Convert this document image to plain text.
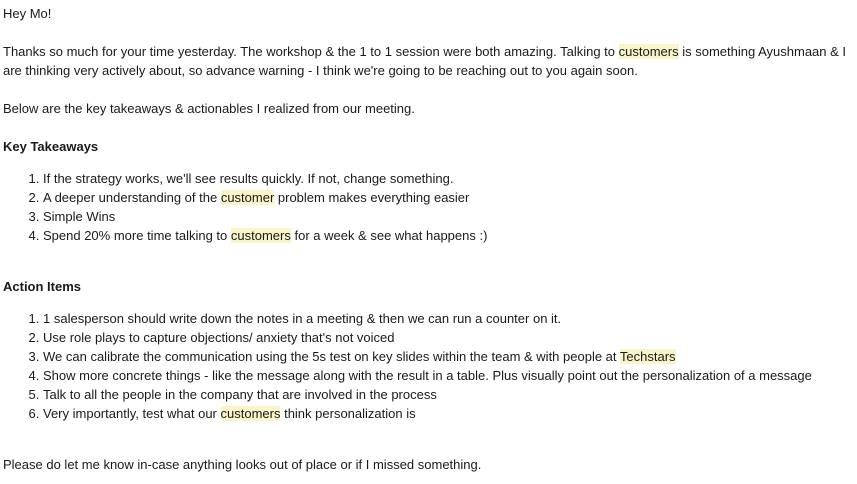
Hey Mo!

Thanks so much for your time yesterday. The workshop & the 1 to 1 session were both amazing. Talking to customers is something Ayushmaan & I are thinking very actively about, so advance warning - I think we're going to be reaching out to you again soon.

Below are the key takeaways & actionables I realized from our meeting.

Key Takeaways

1. If the strategy works, we'll see results quickly. If not, change something.
2. A deeper understanding of the customer problem makes everything easier
3. Simple Wins
4. Spend 20% more time talking to customers for a week & see what happens :)

Action Items

1. 1 salesperson should write down the notes in a meeting & then we can run a counter on it.
2. Use role plays to capture objections/ anxiety that's not voiced
3. We can calibrate the communication using the 5s test on key slides within the team & with people at Techstars
4. Show more concrete things - like the message along with the result in a table. Plus visually point out the personalization of a message
5. Talk to all the people in the company that are involved in the process
6. Very importantly, test what our customers think personalization is

Please do let me know in-case anything looks out of place or if I missed something.
